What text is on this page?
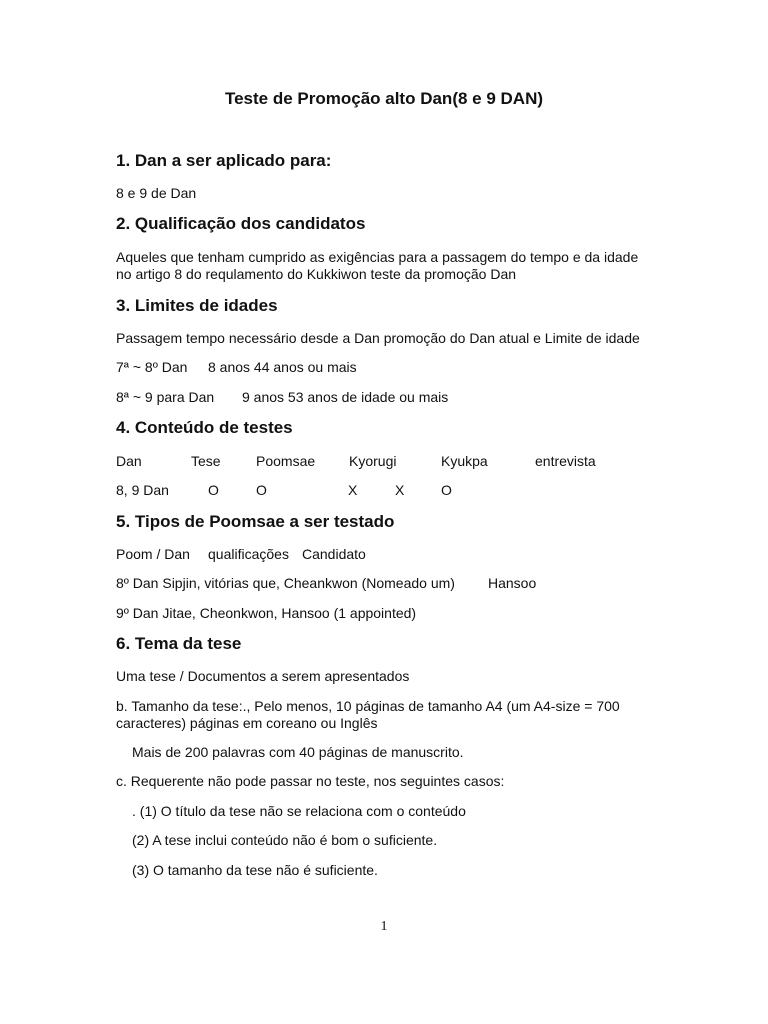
Teste de Promoção alto Dan(8 e 9 DAN)
1. Dan a ser aplicado para:
8 e 9 de Dan
2. Qualificação dos candidatos
Aqueles que tenham cumprido as exigências para a passagem do tempo e da idade
no artigo 8 do requlamento do Kukkiwon teste da promoção Dan
3. Limites de idades
Passagem tempo necessário desde a Dan promoção do Dan atual e Limite de idade
7ª ~ 8º Dan 8 anos 44 anos ou mais
8ª ~ 9 para Dan 9 anos 53 anos de idade ou mais
4. Conteúdo de testes
Dan	Tese	Poomsae Kyorugi	Kyukpa	entrevista
8, 9 Dan	O	O	X	X	O
5. Tipos de Poomsae a ser testado
Poom / Dan qualificações Candidato
8º Dan Sipjin, vitórias que, Cheankwon (Nomeado um) Hansoo
9º Dan Jitae, Cheonkwon, Hansoo (1 appointed)
6. Tema da tese
Uma tese / Documentos a serem apresentados
b. Tamanho da tese:., Pelo menos, 10 páginas de tamanho A4 (um A4-size = 700
caracteres) páginas em coreano ou Inglês
Mais de 200 palavras com 40 páginas de manuscrito.
c. Requerente não pode passar no teste, nos seguintes casos:
. (1) O título da tese não se relaciona com o conteúdo
(2) A tese inclui conteúdo não é bom o suficiente.
(3) O tamanho da tese não é suficiente.
1
